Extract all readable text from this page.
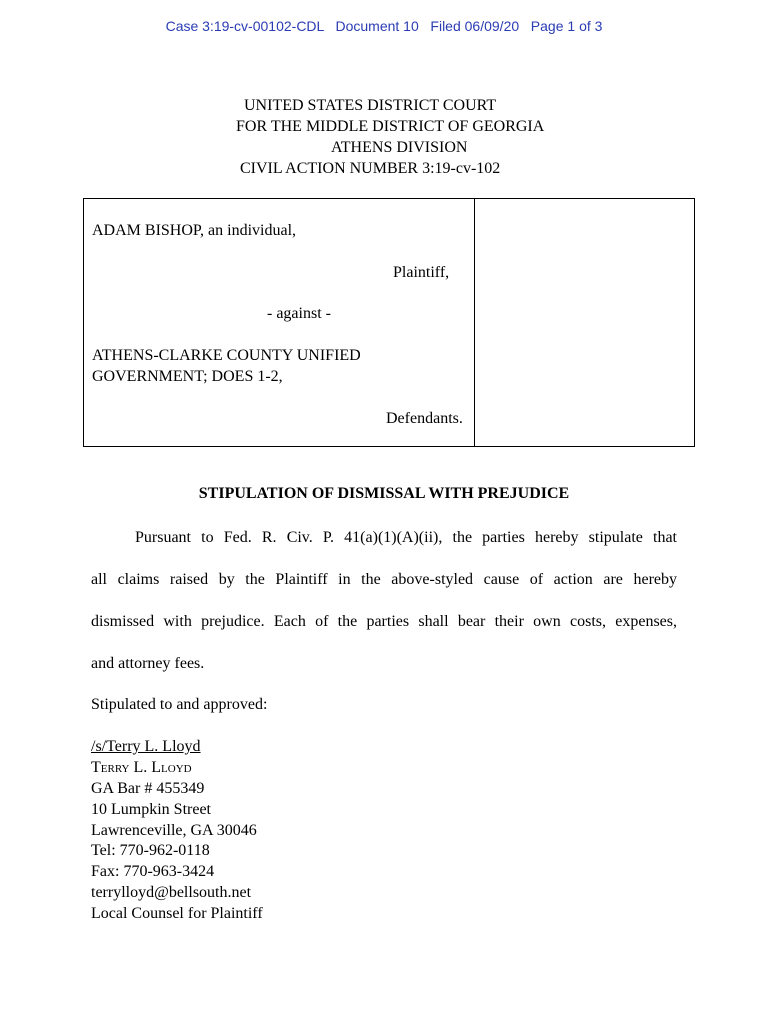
Case 3:19-cv-00102-CDL   Document 10   Filed 06/09/20   Page 1 of 3
UNITED STATES DISTRICT COURT
FOR THE MIDDLE DISTRICT OF GEORGIA
ATHENS DIVISION
CIVIL ACTION NUMBER 3:19-cv-102
ADAM BISHOP, an individual,
Plaintiff,
- against -
ATHENS-CLARKE COUNTY UNIFIED
GOVERNMENT; DOES 1-2,
Defendants.
STIPULATION OF DISMISSAL WITH PREJUDICE
Pursuant to Fed. R. Civ. P. 41(a)(1)(A)(ii), the parties hereby stipulate that
all claims raised by the Plaintiff in the above-styled cause of action are hereby
dismissed with prejudice. Each of the parties shall bear their own costs, expenses,
and attorney fees.
Stipulated to and approved:
/s/Terry L. Lloyd
Terry L. Lloyd
GA Bar # 455349
10 Lumpkin Street
Lawrenceville, GA 30046
Tel: 770-962-0118
Fax: 770-963-3424
terrylloyd@bellsouth.net
Local Counsel for Plaintiff
